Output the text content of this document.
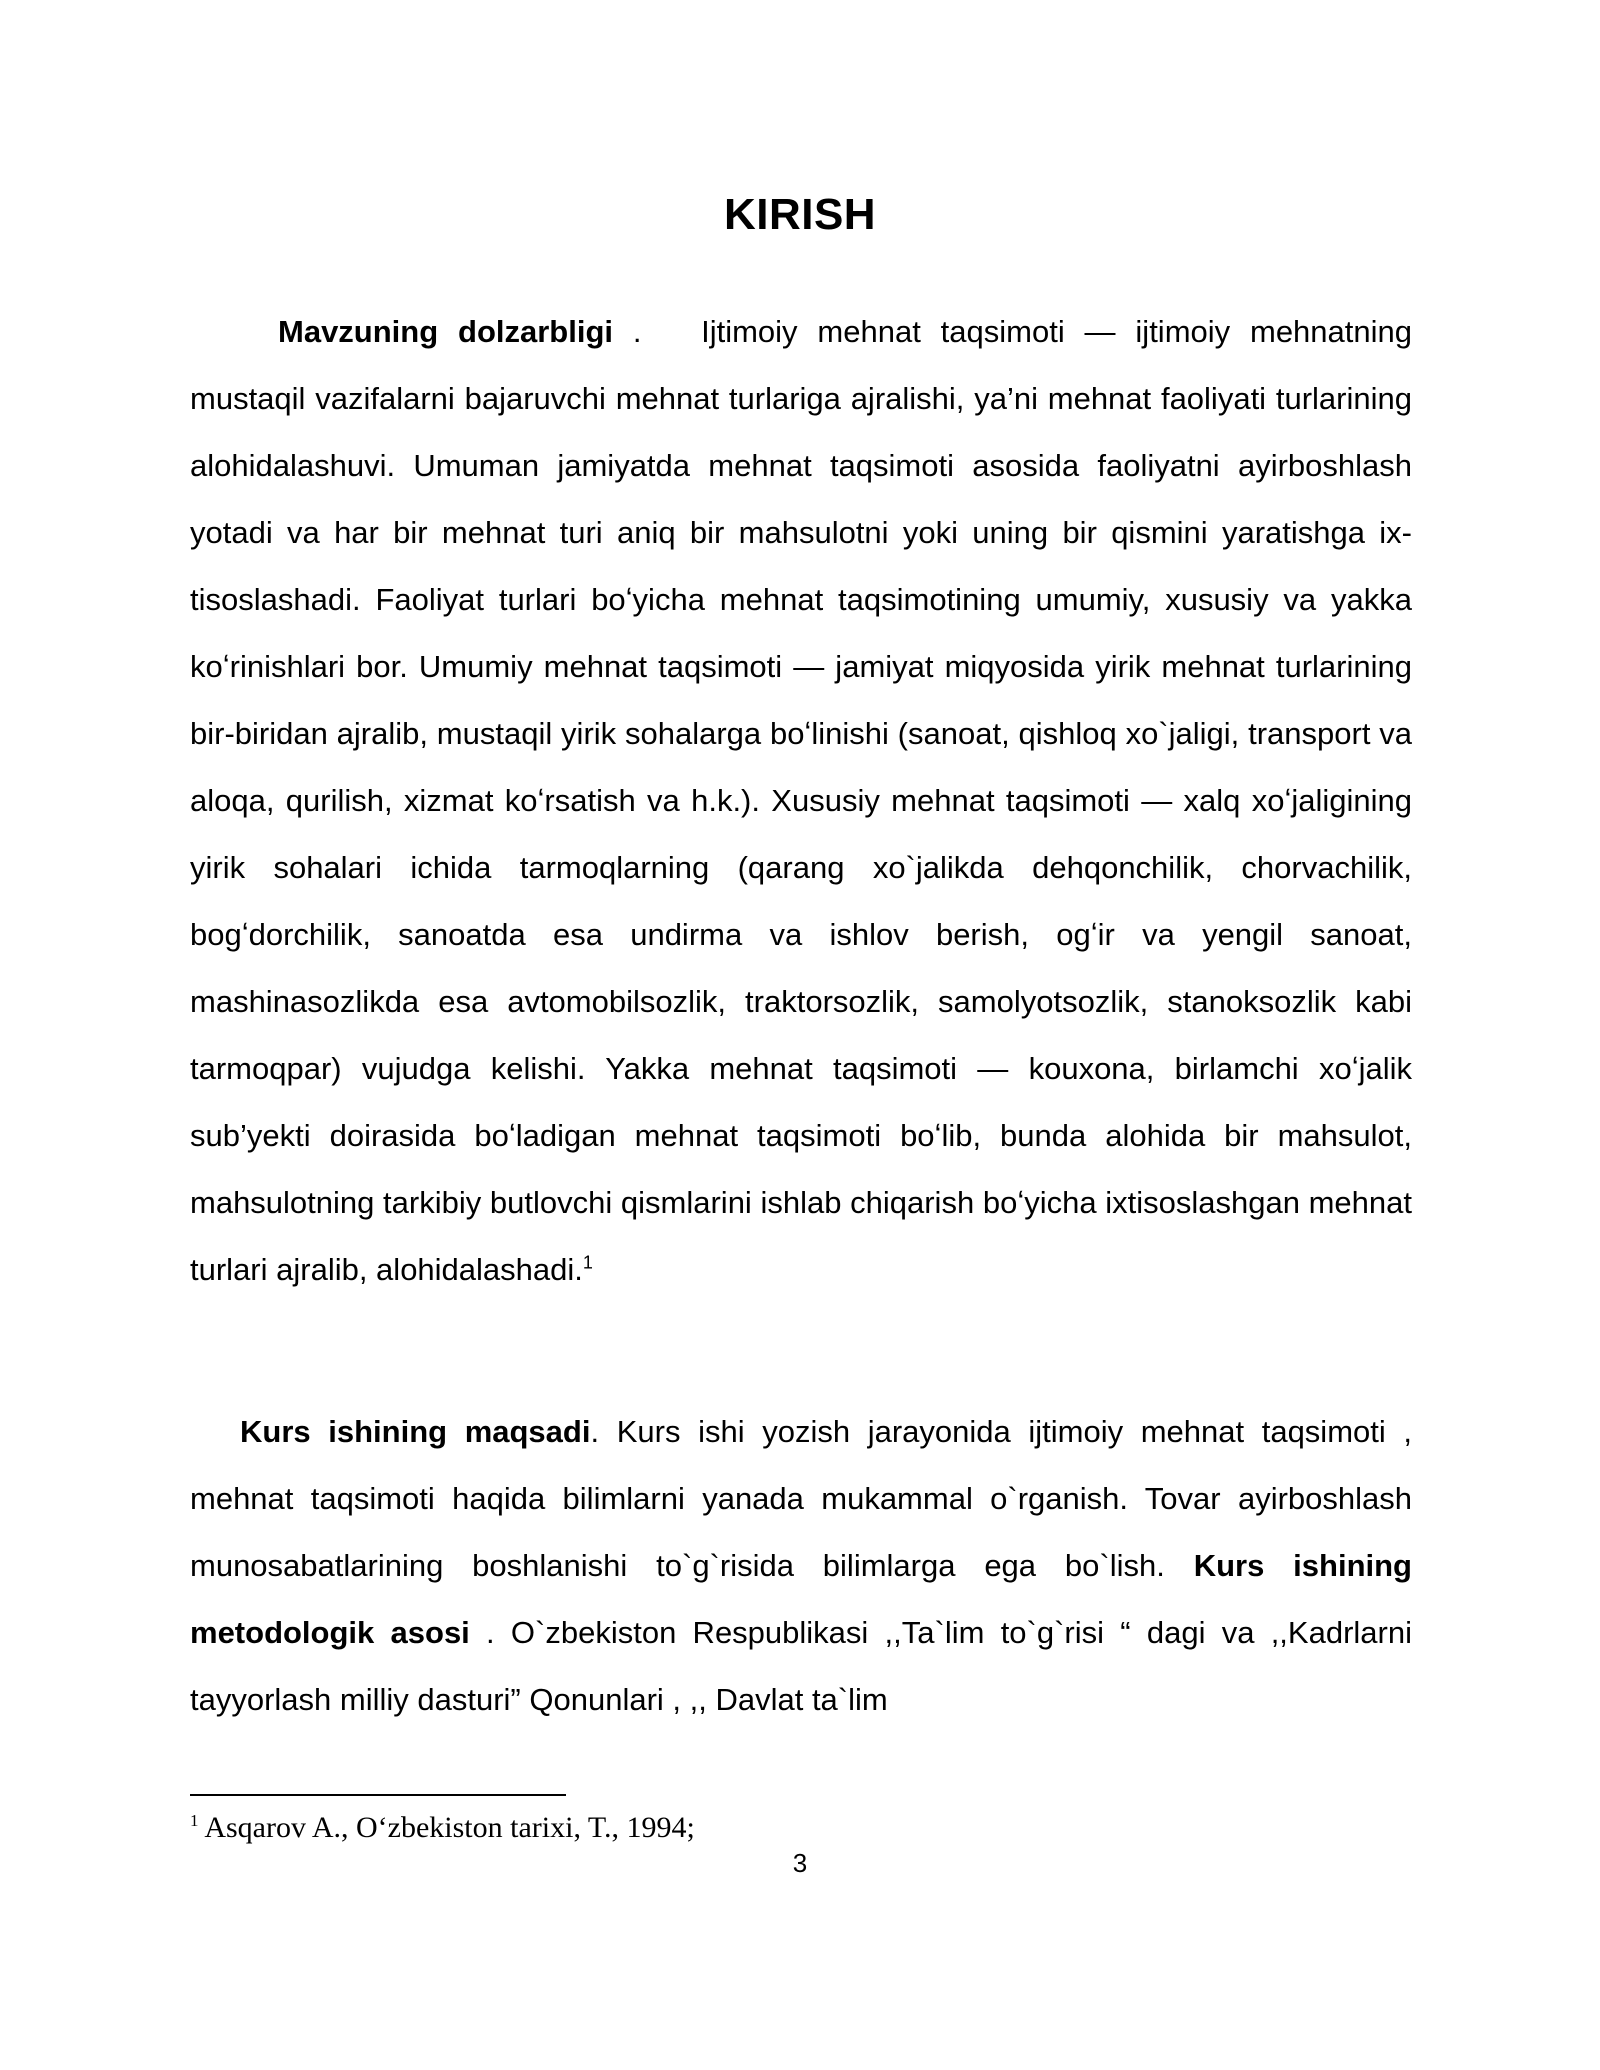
KIRISH
Mavzuning dolzarbligi . Ijtimoiy mehnat taqsimoti — ijtimoiy mehnatning mustaqil vazifalarni bajaruvchi mehnat turlariga ajralishi, ya’ni mehnat faoliyati turlarining alohidalashuvi. Umuman jamiyatda mehnat taqsimoti asosida faoliyatni ayirboshlash yotadi va har bir mehnat turi aniq bir mahsulotni yoki uning bir qismini yaratishga ix-tisoslashadi. Faoliyat turlari boʻyicha mehnat taqsimotining umumiy, xususiy va yakka koʻrinishlari bor. Umumiy mehnat taqsimoti — jamiyat miqyosida yirik mehnat turlarining bir-biridan ajralib, mustaqil yirik sohalarga boʻlinishi (sanoat, qishloq xo`jaligi, transport va aloqa, qurilish, xizmat koʻrsatish va h.k.). Xususiy mehnat taqsimoti — xalq xoʻjaligining yirik sohalari ichida tarmoqlarning (qarang xo`jalikda dehqonchilik, chorvachilik, bogʻdorchilik, sanoatda esa undirma va ishlov berish, ogʻir va yengil sanoat, mashinasozlikda esa avtomobilsozlik, traktorsozlik, samolyotsozlik, stanoksozlik kabi tarmoqpar) vujudga kelishi. Yakka mehnat taqsimoti — kouxona, birlamchi xoʻjalik sub’yekti doirasida boʻladigan mehnat taqsimoti boʻlib, bunda alohida bir mahsulot, mahsulotning tarkibiy butlovchi qismlarini ishlab chiqarish boʻyicha ixtisoslashgan mehnat turlari ajralib, alohidalashadi.$^1$
Kurs ishining maqsadi. Kurs ishi yozish jarayonida ijtimoiy mehnat taqsimoti , mehnat taqsimoti haqida bilimlarni yanada mukammal o`rganish. Tovar ayirboshlash munosabatlarining boshlanishi to`g`risida bilimlarga ega bo`lish. Kurs ishining metodologik asosi . O`zbekiston Respublikasi ,,Ta`lim to`g`risi “ dagi va ,,Kadrlarni tayyorlash milliy dasturi” Qonunlari , ,, Davlat ta`lim
$^1$ Asqarov A., Oʻzbekiston tarixi, T., 1994;
3
